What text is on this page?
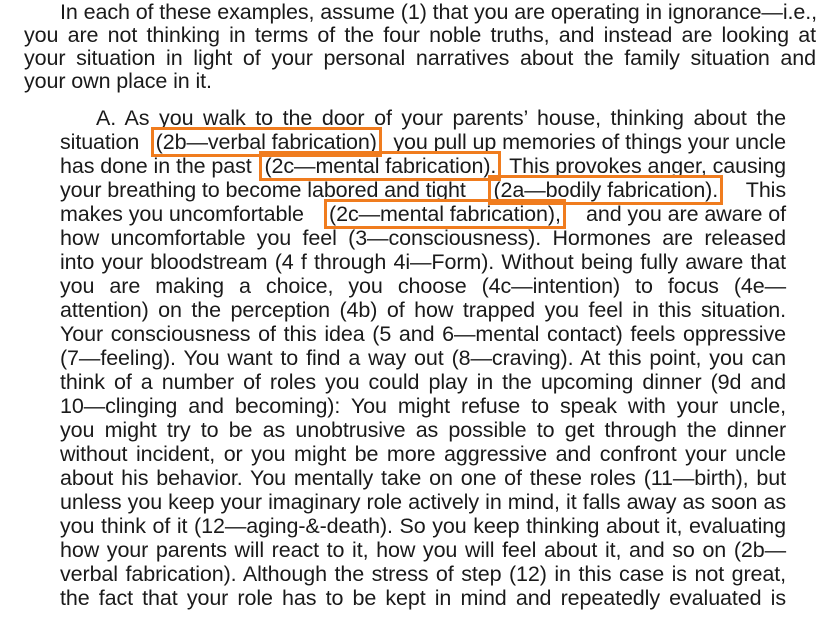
In each of these examples, assume (1) that you are operating in ignorance—i.e.,
you are not thinking in terms of the four noble truths, and instead are looking at
your situation in light of your personal narratives about the family situation and
your own place in it.
A. As you walk to the door of your parents’ house, thinking about the
situation (2b—verbal fabrication) you pull up memories of things your uncle
has done in the past (2c—mental fabrication). This provokes anger, causing
your breathing to become labored and tight (2a—bodily fabrication). This
makes you uncomfortable (2c—mental fabrication), and you are aware of
how uncomfortable you feel (3—consciousness). Hormones are released
into your bloodstream (4 f through 4i—Form). Without being fully aware that
you are making a choice, you choose (4c—intention) to focus (4e—
attention) on the perception (4b) of how trapped you feel in this situation.
Your consciousness of this idea (5 and 6—mental contact) feels oppressive
(7—feeling). You want to find a way out (8—craving). At this point, you can
think of a number of roles you could play in the upcoming dinner (9d and
10—clinging and becoming): You might refuse to speak with your uncle,
you might try to be as unobtrusive as possible to get through the dinner
without incident, or you might be more aggressive and confront your uncle
about his behavior. You mentally take on one of these roles (11—birth), but
unless you keep your imaginary role actively in mind, it falls away as soon as
you think of it (12—aging-&-death). So you keep thinking about it, evaluating
how your parents will react to it, how you will feel about it, and so on (2b—
verbal fabrication). Although the stress of step (12) in this case is not great,
the fact that your role has to be kept in mind and repeatedly evaluated is
